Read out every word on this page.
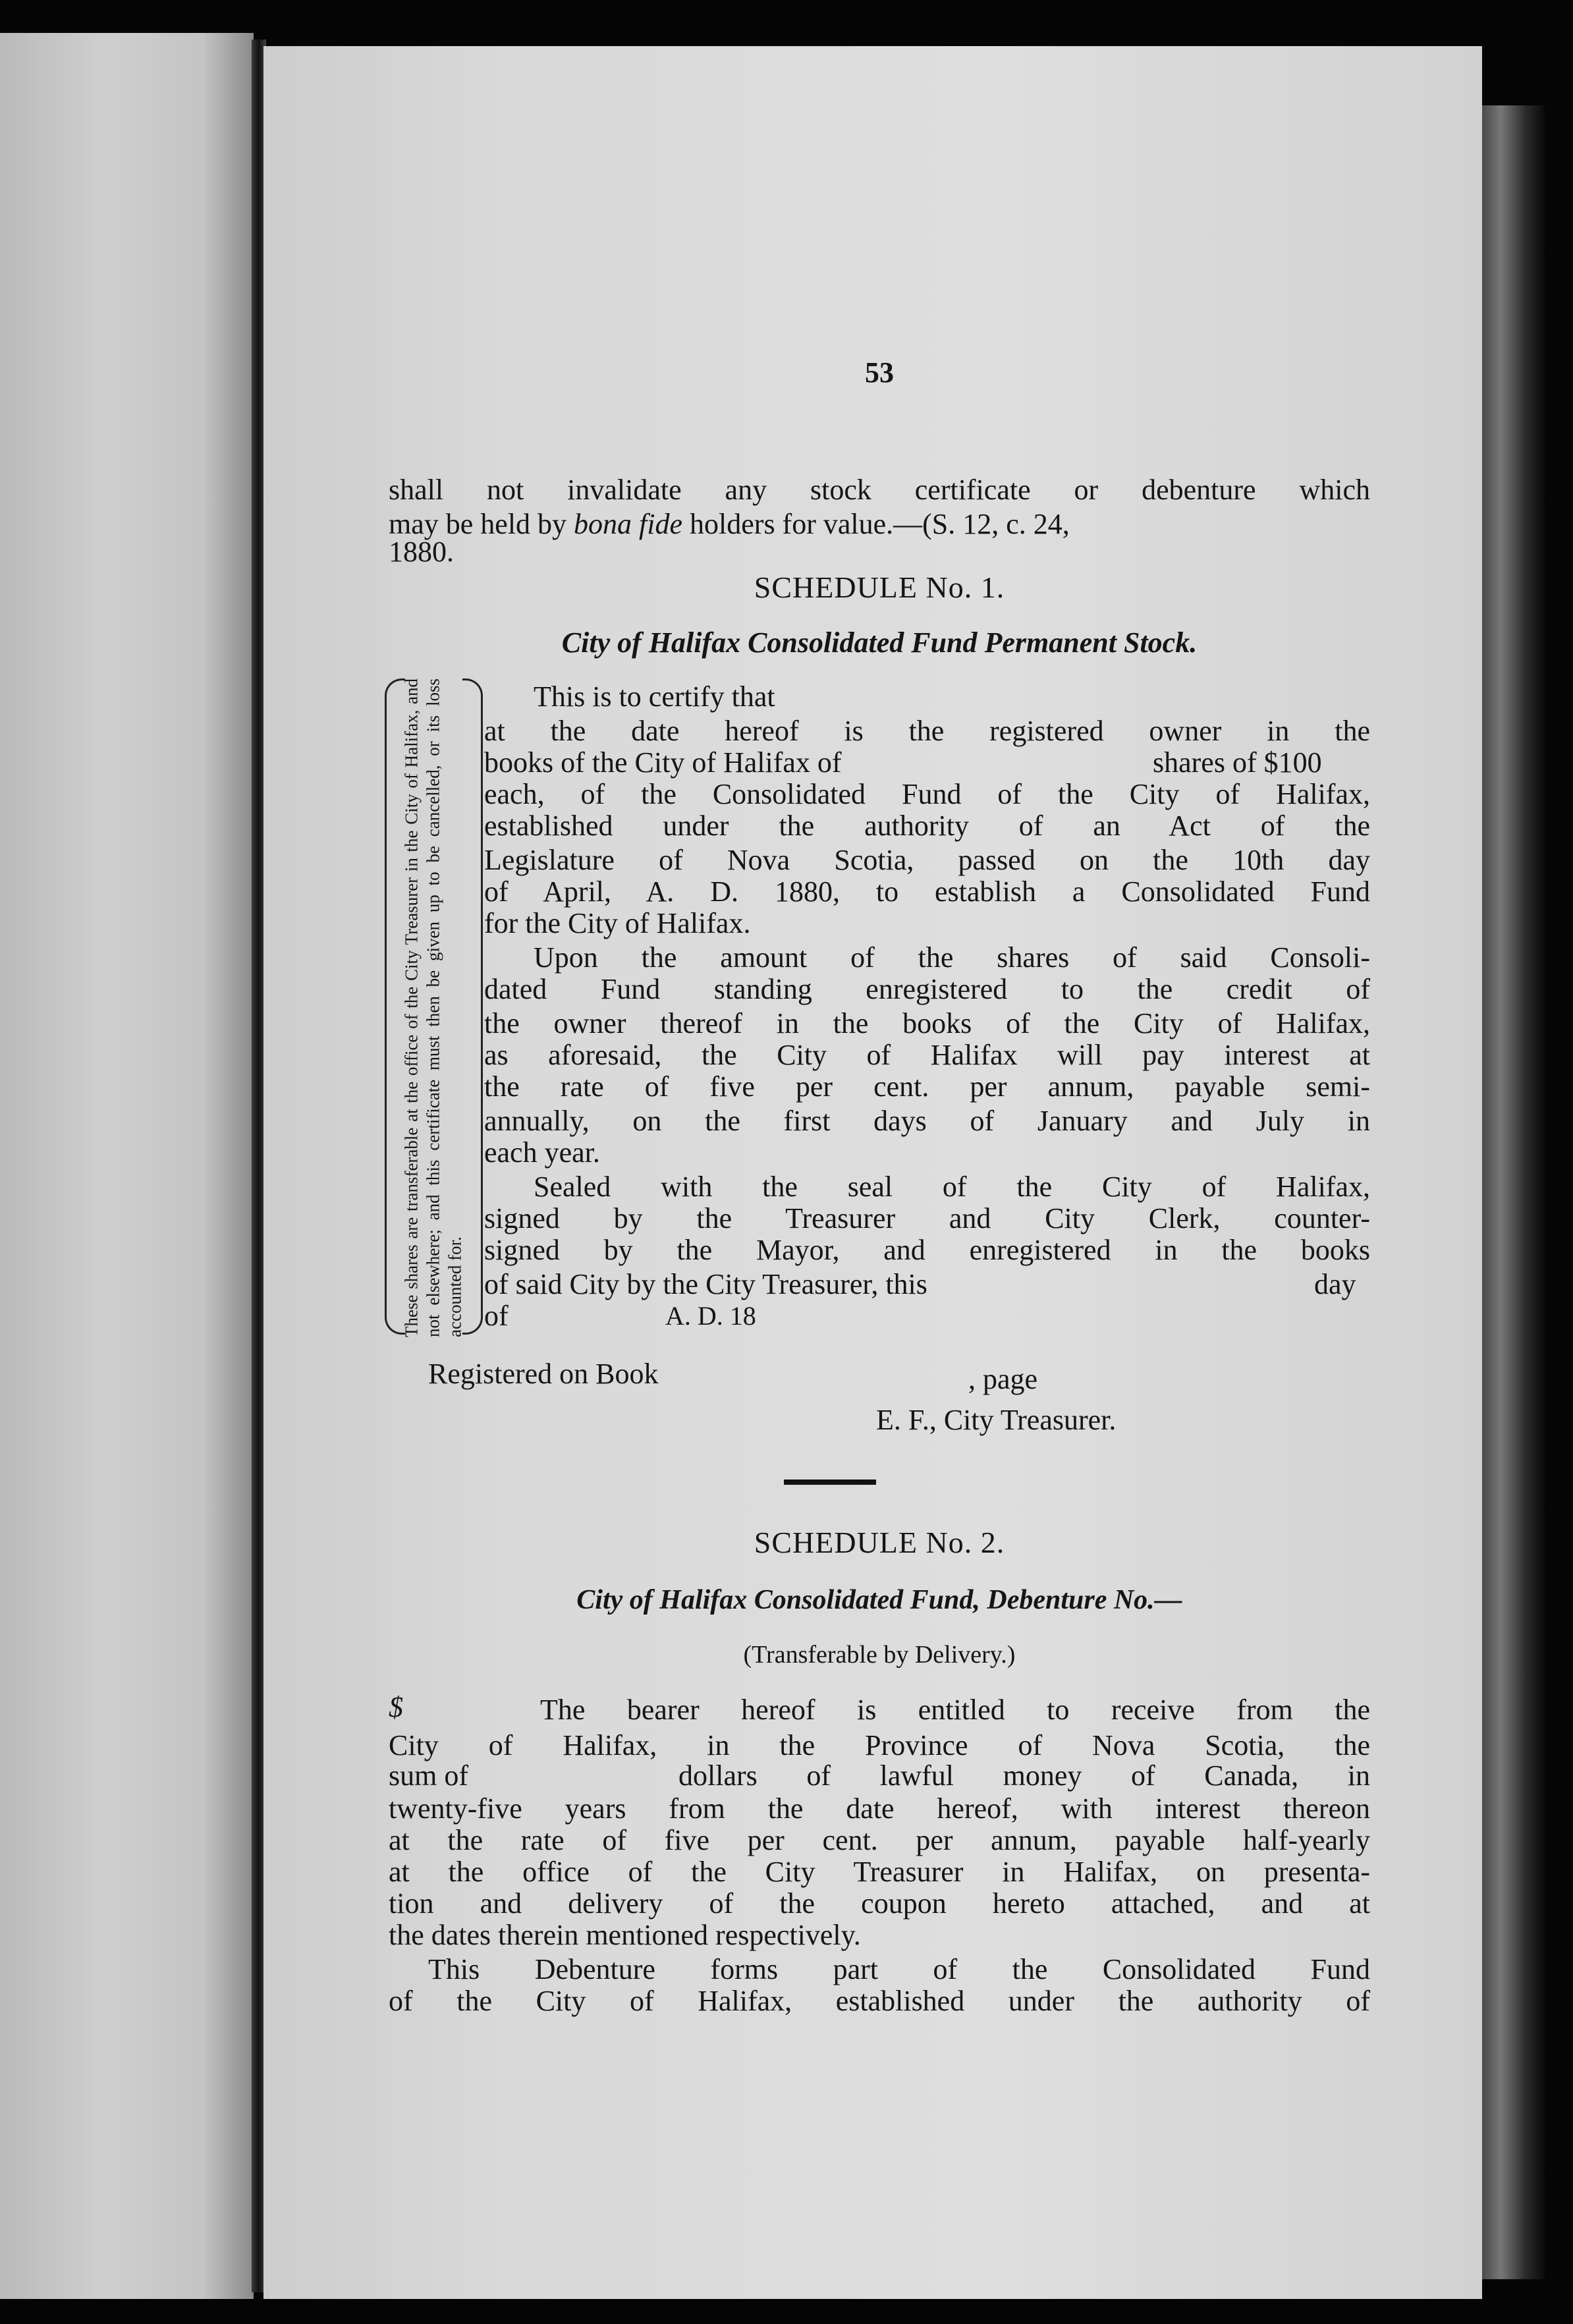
53
shall not invalidate any stock certificate or debenture which
may be held by bona fide holders for value.—(S. 12, c. 24,
1880.
SCHEDULE No. 1.
City of Halifax Consolidated Fund Permanent Stock.
These shares are transferable at the office of the City Treasurer in the City of Halifax, and not elsewhere; and this certificate must then be given up to be cancelled, or its loss accounted for.
This is to certify that
at the date hereof is the registered owner in the
books of the City of Halifax of	shares of $100
each, of the Consolidated Fund of the City of Halifax,
established under the authority of an Act of the
Legislature of Nova Scotia, passed on the 10th day
of April, A. D. 1880, to establish a Consolidated Fund
for the City of Halifax.
Upon the amount of the shares of said Consoli-
dated Fund standing enregistered to the credit of
the owner thereof in the books of the City of Halifax,
as aforesaid, the City of Halifax will pay interest at
the rate of five per cent. per annum, payable semi-
annually, on the first days of January and July in
each year.
Sealed with the seal of the City of Halifax,
signed by the Treasurer and City Clerk, counter-
signed by the Mayor, and enregistered in the books
of said City by the City Treasurer, this	day
of	A. D. 18
Registered on Book	, page
E. F., City Treasurer.
SCHEDULE No. 2.
City of Halifax Consolidated Fund, Debenture No.—
(Transferable by Delivery.)
$	The bearer hereof is entitled to receive from the
City of Halifax, in the Province of Nova Scotia, the
sum of	dollars of lawful money of Canada, in
twenty-five years from the date hereof, with interest thereon
at the rate of five per cent. per annum, payable half-yearly
at the office of the City Treasurer in Halifax, on presenta-
tion and delivery of the coupon hereto attached, and at
the dates therein mentioned respectively.
This Debenture forms part of the Consolidated Fund
of the City of Halifax, established under the authority of
